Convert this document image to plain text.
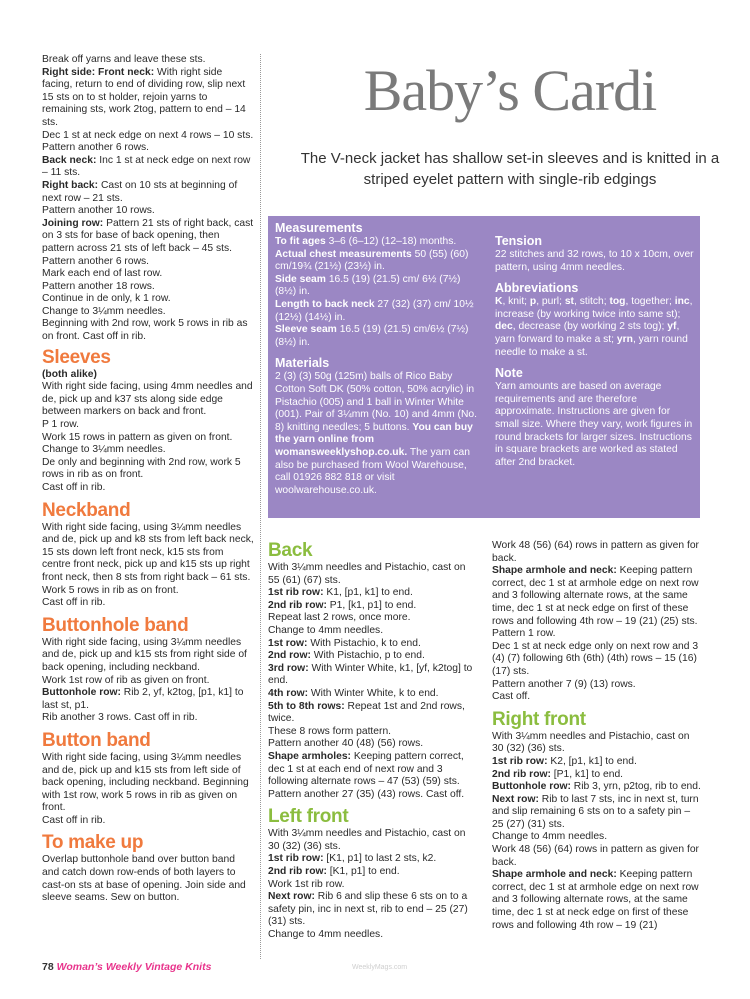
Break off yarns and leave these sts.

Right side: Front neck: With right side facing, return to end of dividing row, slip next 15 sts on to st holder, rejoin yarns to remaining sts, work 2tog, pattern to end – 14 sts.

Dec 1 st at neck edge on next 4 rows – 10 sts.

Pattern another 6 rows.

Back neck: Inc 1 st at neck edge on next row – 11 sts.

Right back: Cast on 10 sts at beginning of next row – 21 sts.

Pattern another 10 rows.

Joining row: Pattern 21 sts of right back, cast on 3 sts for base of back opening, then pattern across 21 sts of left back – 45 sts.

Pattern another 6 rows.

Mark each end of last row.

Pattern another 18 rows.

Continue in de only, k 1 row.

Change to 3¼mm needles.

Beginning with 2nd row, work 5 rows in rib as on front. Cast off in rib.

Sleeves

(both alike)

With right side facing, using 4mm needles and de, pick up and k37 sts along side edge between markers on back and front.

P 1 row.

Work 15 rows in pattern as given on front.

Change to 3¼mm needles.

De only and beginning with 2nd row, work 5 rows in rib as on front.

Cast off in rib.

Neckband

With right side facing, using 3¼mm needles and de, pick up and k8 sts from left back neck, 15 sts down left front neck, k15 sts from centre front neck, pick up and k15 sts up right front neck, then 8 sts from right back – 61 sts.

Work 5 rows in rib as on front.

Cast off in rib.

Buttonhole band

With right side facing, using 3¼mm needles and de, pick up and k15 sts from right side of back opening, including neckband.

Work 1st row of rib as given on front.

Buttonhole row: Rib 2, yf, k2tog, [p1, k1] to last st, p1.

Rib another 3 rows. Cast off in rib.

Button band

With right side facing, using 3¼mm needles and de, pick up and k15 sts from left side of back opening, including neckband. Beginning with 1st row, work 5 rows in rib as given on front.

Cast off in rib.

To make up

Overlap buttonhole band over button band and catch down row-ends of both layers to cast-on sts at base of opening. Join side and sleeve seams. Sew on button.

Baby’s Cardi
The V-neck jacket has shallow set-in sleeves and is knitted in a striped eyelet pattern with single-rib edgings
Measurements

To fit ages 3–6 (6–12) (12–18) months.

Actual chest measurements 50 (55) (60) cm/19¾ (21½) (23½) in.

Side seam 16.5 (19) (21.5) cm/ 6½ (7½) (8½) in.

Length to back neck 27 (32) (37) cm/ 10½ (12½) (14½) in.

Sleeve seam 16.5 (19) (21.5) cm/6½ (7½) (8½) in.

Materials

2 (3) (3) 50g (125m) balls of Rico Baby Cotton Soft DK (50% cotton, 50% acrylic) in Pistachio (005) and 1 ball in Winter White (001). Pair of 3¼mm (No. 10) and 4mm (No. 8) knitting needles; 5 buttons. You can buy the yarn online from womansweeklyshop.co.uk. The yarn can also be purchased from Wool Warehouse, call 01926 882 818 or visit woolwarehouse.co.uk.

Tension

22 stitches and 32 rows, to 10 x 10cm, over pattern, using 4mm needles.

Abbreviations

K, knit; p, purl; st, stitch; tog, together; inc, increase (by working twice into same st); dec, decrease (by working 2 sts tog); yf, yarn forward to make a st; yrn, yarn round needle to make a st.

Note

Yarn amounts are based on average requirements and are therefore approximate. Instructions are given for small size. Where they vary, work figures in round brackets for larger sizes. Instructions in square brackets are worked as stated after 2nd bracket.

Back

With 3¼mm needles and Pistachio, cast on 55 (61) (67) sts.

1st rib row: K1, [p1, k1] to end.

2nd rib row: P1, [k1, p1] to end.

Repeat last 2 rows, once more.

Change to 4mm needles.

1st row: With Pistachio, k to end.

2nd row: With Pistachio, p to end.

3rd row: With Winter White, k1, [yf, k2tog] to end.

4th row: With Winter White, k to end.

5th to 8th rows: Repeat 1st and 2nd rows, twice.

These 8 rows form pattern.

Pattern another 40 (48) (56) rows.

Shape armholes: Keeping pattern correct, dec 1 st at each end of next row and 3 following alternate rows – 47 (53) (59) sts.

Pattern another 27 (35) (43) rows. Cast off.

Left front

With 3¼mm needles and Pistachio, cast on 30 (32) (36) sts.

1st rib row: [K1, p1] to last 2 sts, k2.

2nd rib row: [K1, p1] to end.

Work 1st rib row.

Next row: Rib 6 and slip these 6 sts on to a safety pin, inc in next st, rib to end – 25 (27) (31) sts.

Change to 4mm needles.

Work 48 (56) (64) rows in pattern as given for back.

Shape armhole and neck: Keeping pattern correct, dec 1 st at armhole edge on next row and 3 following alternate rows, at the same time, dec 1 st at neck edge on first of these rows and following 4th row – 19 (21) (25) sts. Pattern 1 row.

Dec 1 st at neck edge only on next row and 3 (4) (7) following 6th (6th) (4th) rows – 15 (16) (17) sts.

Pattern another 7 (9) (13) rows.

Cast off.

Right front

With 3¼mm needles and Pistachio, cast on 30 (32) (36) sts.

1st rib row: K2, [p1, k1] to end.

2nd rib row: [P1, k1] to end.

Buttonhole row: Rib 3, yrn, p2tog, rib to end.

Next row: Rib to last 7 sts, inc in next st, turn and slip remaining 6 sts on to a safety pin – 25 (27) (31) sts.

Change to 4mm needles.

Work 48 (56) (64) rows in pattern as given for back.

Shape armhole and neck: Keeping pattern correct, dec 1 st at armhole edge on next row and 3 following alternate rows, at the same time, dec 1 st at neck edge on first of these rows and following 4th row – 19 (21)

78 Woman’s Weekly Vintage Knits	WeeklyMags.com
